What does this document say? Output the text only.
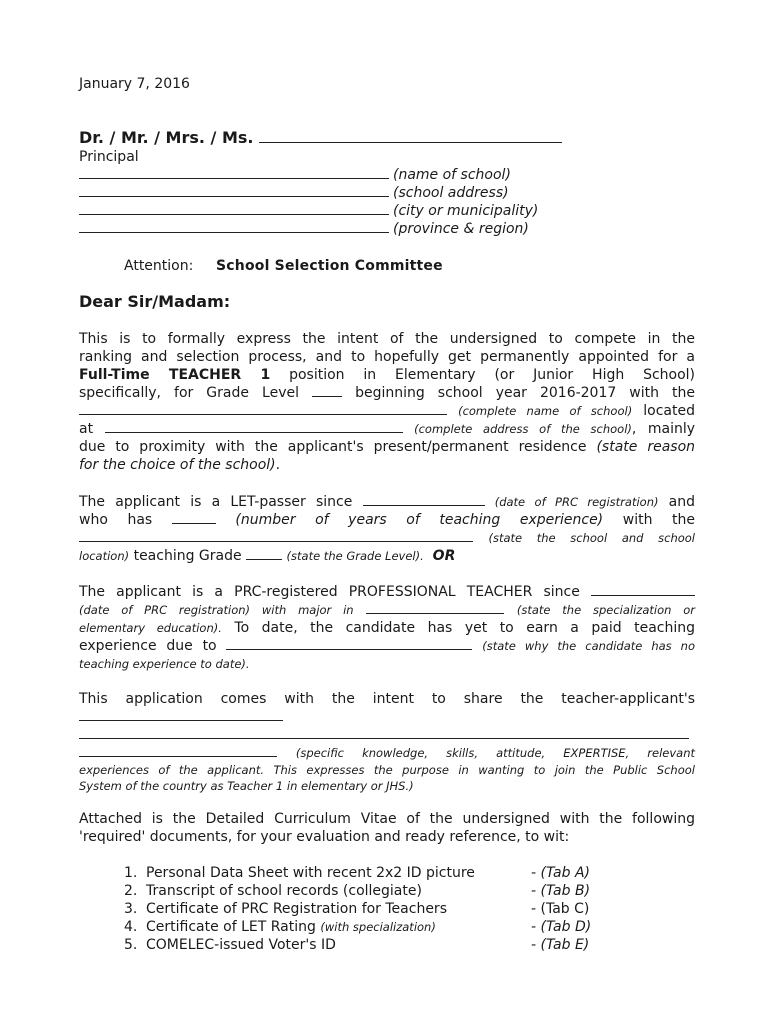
January 7, 2016
Dr. / Mr. / Mrs. / Ms.
Principal
(name of school)
(school address)
(city or municipality)
(province & region)
Attention: School Selection Committee
Dear Sir/Madam:
This is to formally express the intent of the undersigned to compete in the
ranking and selection process, and to hopefully get permanently appointed for a
Full-Time TEACHER 1 position in Elementary (or Junior High School)
specifically, for Grade Level	beginning school year 2016-2017 with the
(complete name of school) located
at	(complete address of the school), mainly
due to proximity with the applicant's present/permanent residence (state reason
for the choice of the school).
The applicant is a LET-passer since	(date of PRC registration) and
who has	(number of years of teaching experience) with the
(state the school and school
location) teaching Grade	(state the Grade Level). OR
The applicant is a PRC-registered PROFESSIONAL TEACHER since
(date of PRC registration) with major in	(state the specialization or
elementary education). To date, the candidate has yet to earn a paid teaching
experience due to	(state why the candidate has no
teaching experience to date).
This application comes with the intent to share the teacher-applicant's
(specific knowledge, skills, attitude, EXPERTISE, relevant
experiences of the applicant. This expresses the purpose in wanting to join the Public School
System of the country as Teacher 1 in elementary or JHS.)
Attached is the Detailed Curriculum Vitae of the undersigned with the following
'required' documents, for your evaluation and ready reference, to wit:
1. Personal Data Sheet with recent 2x2 ID picture	- (Tab A)
2. Transcript of school records (collegiate)	- (Tab B)
3. Certificate of PRC Registration for Teachers	- (Tab C)
4. Certificate of LET Rating (with specialization)	- (Tab D)
5. COMELEC-issued Voter's ID	- (Tab E)
